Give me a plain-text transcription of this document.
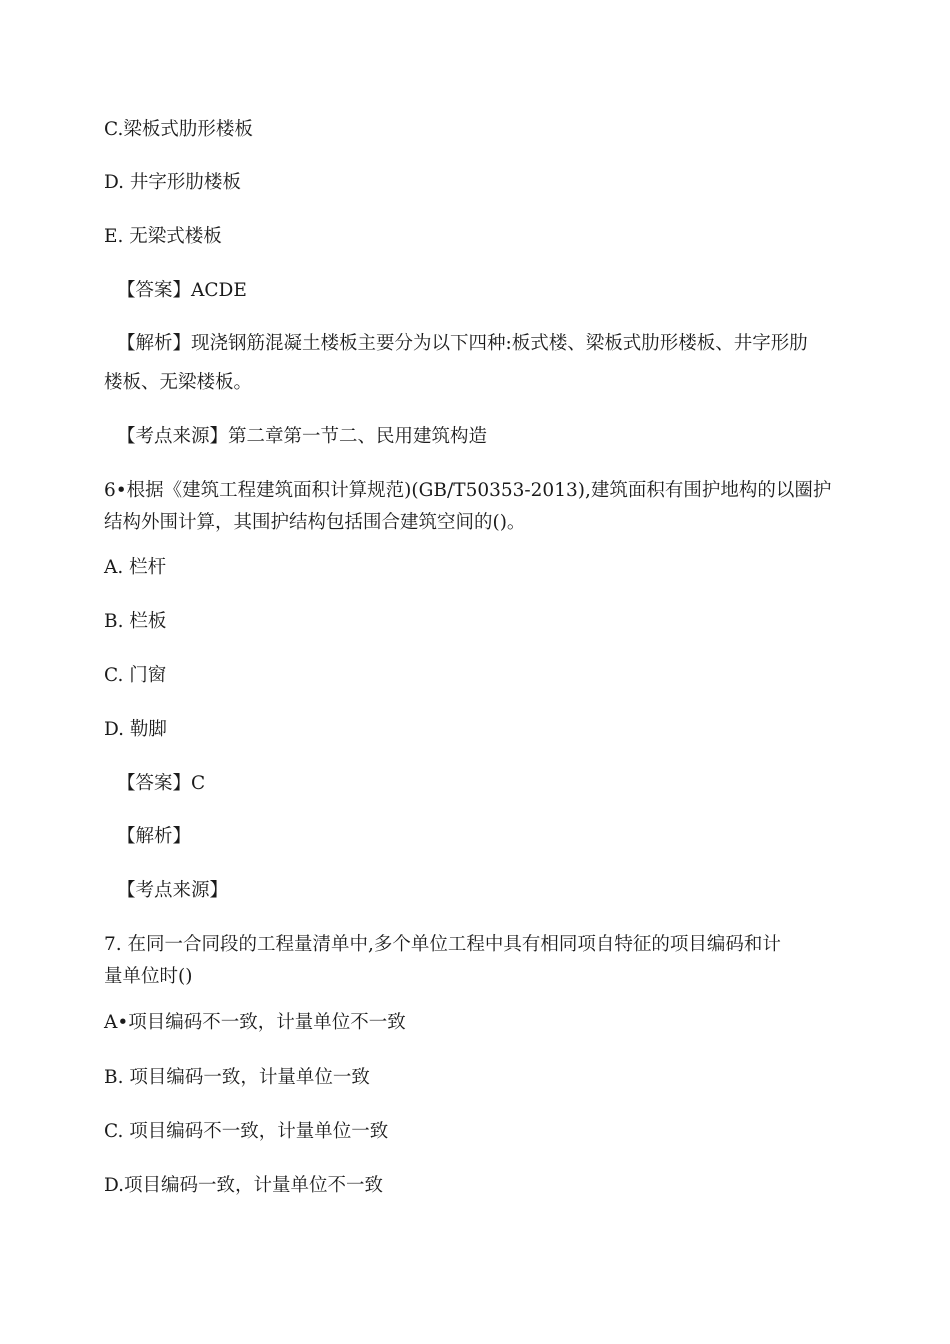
C.梁板式肋形楼板
D. 井字形肋楼板
E. 无梁式楼板
【答案】ACDE
【解析】现浇钢筋混凝土楼板主要分为以下四种:板式楼、梁板式肋形楼板、井字形肋
楼板、无梁楼板。
【考点来源】第二章第一节二、民用建筑构造
6•根据《建筑工程建筑面积计算规范)(GB/T50353-2013),建筑面积有围护地构的以圈护
结构外围计算，其围护结构包括围合建筑空间的()。
A. 栏杆
B. 栏板
C. 门窗
D. 勒脚
【答案】C
【解析】
【考点来源】
7. 在同一合同段的工程量清单中,多个单位工程中具有相同项自特征的项目编码和计
量单位时()
A•项目编码不一致，计量单位不一致
B. 项目编码一致，计量单位一致
C. 项目编码不一致，计量单位一致
D.项目编码一致，计量单位不一致
